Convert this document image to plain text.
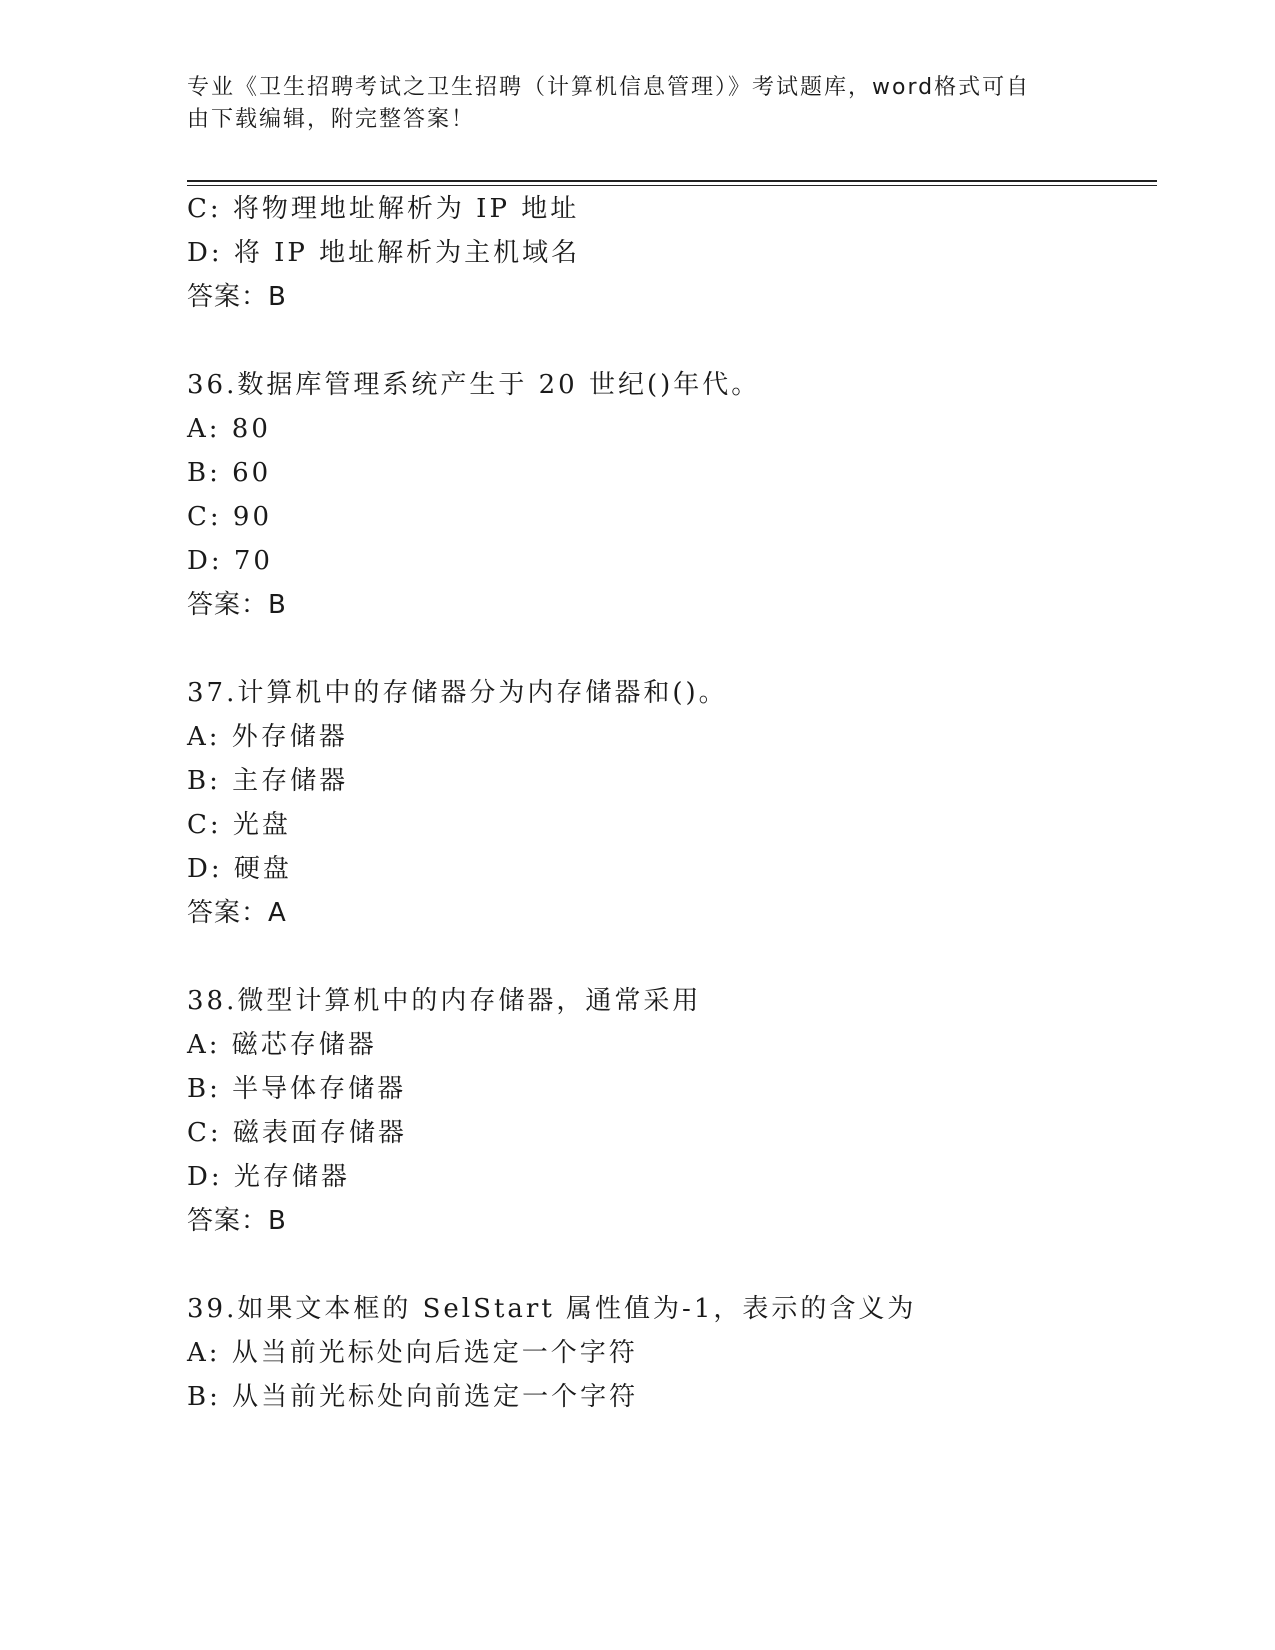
专业《卫生招聘考试之卫生招聘（计算机信息管理）》考试题库，word格式可自
由下载编辑，附完整答案！
C: 将物理地址解析为 IP 地址
D: 将 IP 地址解析为主机域名
答案：B
36.数据库管理系统产生于 20 世纪()年代。
A: 80
B: 60
C: 90
D: 70
答案：B
37.计算机中的存储器分为内存储器和()。
A: 外存储器
B: 主存储器
C: 光盘
D: 硬盘
答案：A
38.微型计算机中的内存储器，通常采用
A: 磁芯存储器
B: 半导体存储器
C: 磁表面存储器
D: 光存储器
答案：B
39.如果文本框的 SelStart 属性值为-1，表示的含义为
A: 从当前光标处向后选定一个字符
B: 从当前光标处向前选定一个字符
